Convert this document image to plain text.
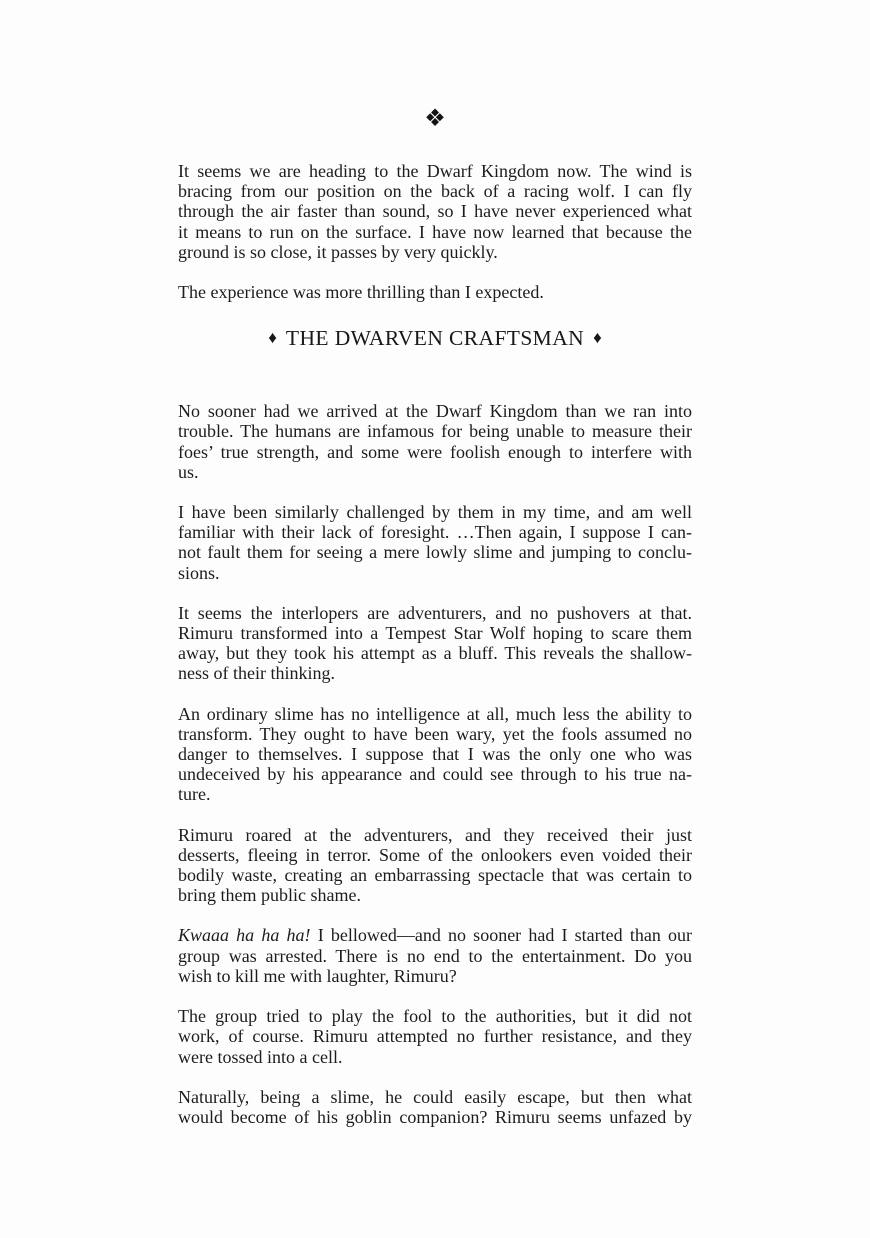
❖
It seems we are heading to the Dwarf Kingdom now. The wind is
bracing from our position on the back of a racing wolf. I can fly
through the air faster than sound, so I have never experienced what
it means to run on the surface. I have now learned that because the
ground is so close, it passes by very quickly.
The experience was more thrilling than I expected.
♦ THE DWARVEN CRAFTSMAN ♦
No sooner had we arrived at the Dwarf Kingdom than we ran into
trouble. The humans are infamous for being unable to measure their
foes’ true strength, and some were foolish enough to interfere with
us.
I have been similarly challenged by them in my time, and am well
familiar with their lack of foresight. …Then again, I suppose I can-
not fault them for seeing a mere lowly slime and jumping to conclu-
sions.
It seems the interlopers are adventurers, and no pushovers at that.
Rimuru transformed into a Tempest Star Wolf hoping to scare them
away, but they took his attempt as a bluff. This reveals the shallow-
ness of their thinking.
An ordinary slime has no intelligence at all, much less the ability to
transform. They ought to have been wary, yet the fools assumed no
danger to themselves. I suppose that I was the only one who was
undeceived by his appearance and could see through to his true na-
ture.
Rimuru roared at the adventurers, and they received their just
desserts, fleeing in terror. Some of the onlookers even voided their
bodily waste, creating an embarrassing spectacle that was certain to
bring them public shame.
Kwaaa ha ha ha! I bellowed—and no sooner had I started than our
group was arrested. There is no end to the entertainment. Do you
wish to kill me with laughter, Rimuru?
The group tried to play the fool to the authorities, but it did not
work, of course. Rimuru attempted no further resistance, and they
were tossed into a cell.
Naturally, being a slime, he could easily escape, but then what
would become of his goblin companion? Rimuru seems unfazed by
